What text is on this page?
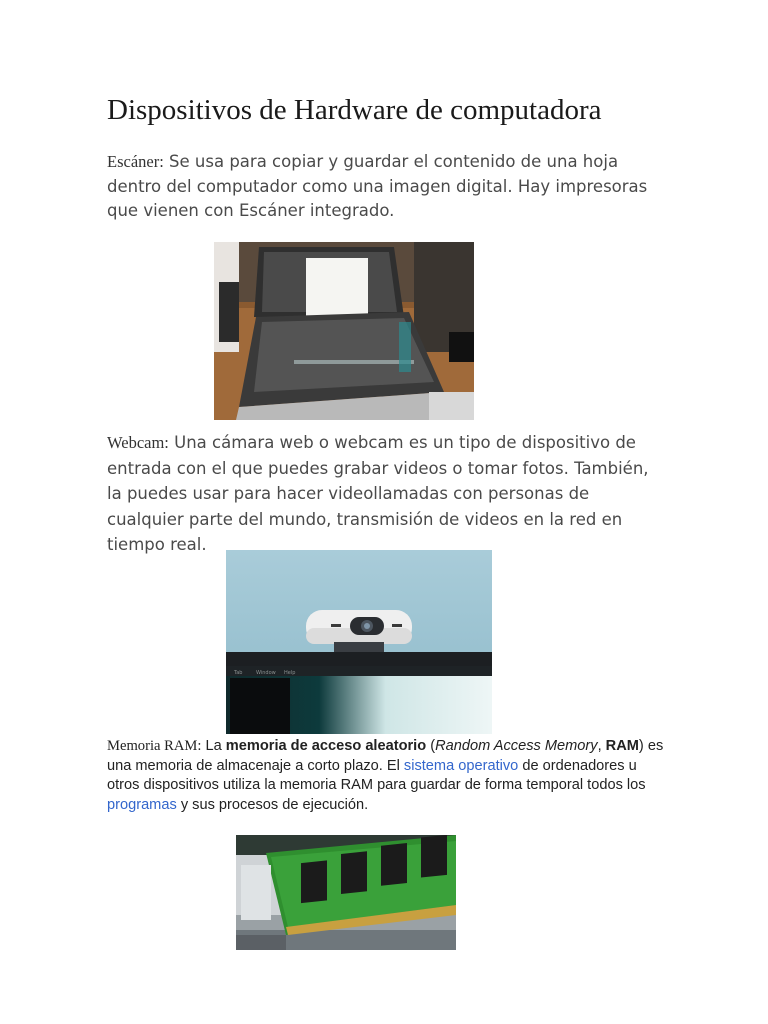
Dispositivos de Hardware de computadora

Escáner: Se usa para copiar y guardar el contenido de una hoja dentro del computador como una imagen digital. Hay impresoras que vienen con Escáner integrado.

Webcam: Una cámara web o webcam es un tipo de dispositivo de entrada con el que puedes grabar videos o tomar fotos. También, la puedes usar para hacer videollamadas con personas de cualquier parte del mundo, transmisión de videos en la red en tiempo real.

Tab	Window Help

Memoria RAM: La memoria de acceso aleatorio (Random Access Memory, RAM) es una memoria de almacenaje a corto plazo. El sistema operativo de ordenadores u otros dispositivos utiliza la memoria RAM para guardar de forma temporal todos los programas y sus procesos de ejecución.
